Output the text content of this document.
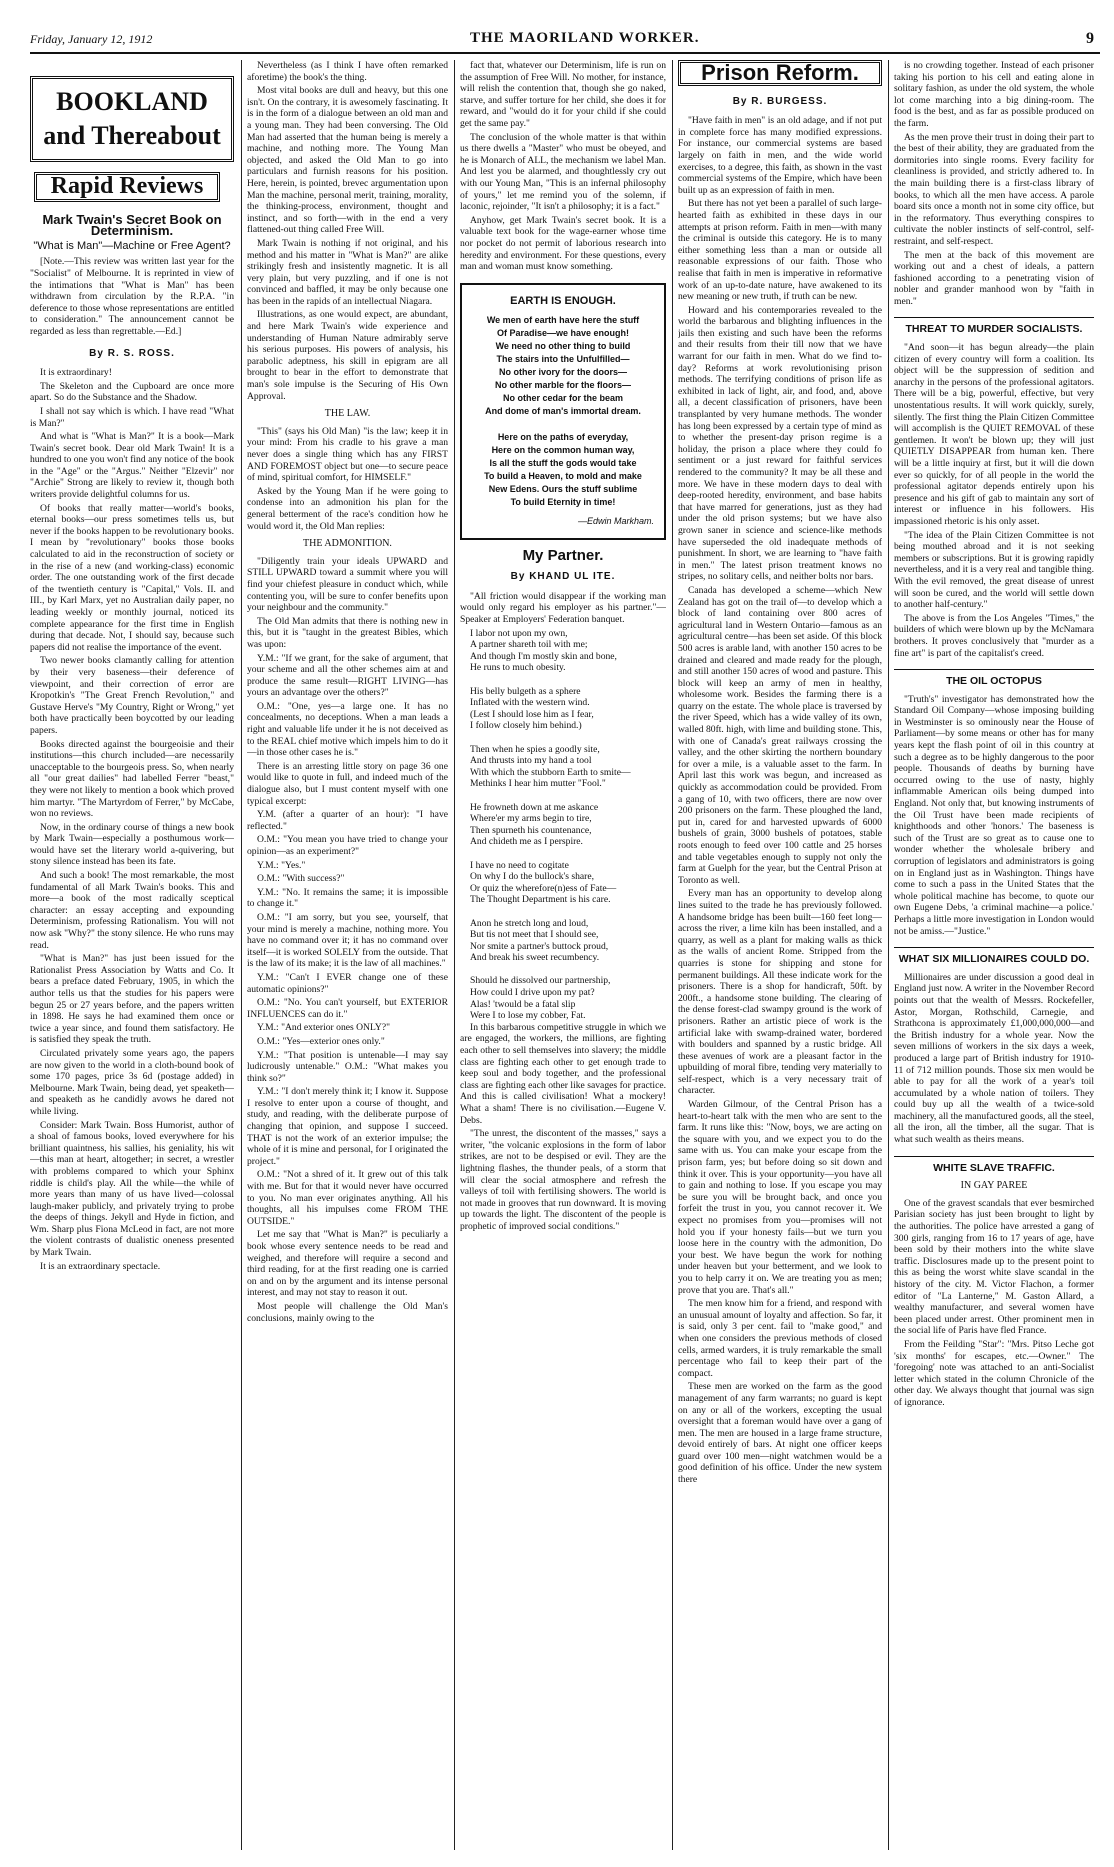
Friday, January 12, 1912	THE MAORILAND WORKER.	9
BOOKLAND and Thereabout
Rapid Reviews
Mark Twain's Secret Book on Determinism.
"What is Man"—Machine or Free Agent?

[Note.—This review was written last year for the "Socialist" of Melbourne. It is reprinted in view of the intimations that "What is Man" has been withdrawn from circulation by the R.P.A. "in deference to those whose representations are entitled to consideration." The announcement cannot be regarded as less than regrettable.—Ed.]

By R. S. ROSS.

It is extraordinary!

The Skeleton and the Cupboard are once more apart. So do the Substance and the Shadow.

I shall not say which is which. I have read "What is Man?"

And what is "What is Man?" It is a book—Mark Twain's secret book. Dear old Mark Twain! It is a hundred to one you won't find any notice of the book in the "Age" or the "Argus." Neither "Elzevir" nor "Archie" Strong are likely to review it, though both writers provide delightful columns for us.

Of books that really matter—world's books, eternal books—our press sometimes tells us, but never if the books happen to be revolutionary books. I mean by "revolutionary" books those books calculated to aid in the reconstruction of society or in the rise of a new (and working-class) economic order. The one outstanding work of the first decade of the twentieth century is "Capital," Vols. II. and III., by Karl Marx, yet no Australian daily paper, no leading weekly or monthly journal, noticed its complete appearance for the first time in English during that decade. Not, I should say, because such papers did not realise the importance of the event.

Two newer books clamantly calling for attention by their very baseness—their deference of viewpoint, and their correction of error are Kropotkin's "The Great French Revolution," and Gustave Herve's "My Country, Right or Wrong," yet both have practically been boycotted by our leading papers.

Books directed against the bourgeoisie and their institutions—this church included—are necessarily unacceptable to the bourgeois press. So, when nearly all "our great dailies" had labelled Ferrer "beast," they were not likely to mention a book which proved him martyr. "The Martyrdom of Ferrer," by McCabe, won no reviews.

Now, in the ordinary course of things a new book by Mark Twain—especially a posthumous work—would have set the literary world a-quivering, but stony silence instead has been its fate.

And such a book! The most remarkable, the most fundamental of all Mark Twain's books. This and more—a book of the most radically sceptical character: an essay accepting and expounding Determinism, professing Rationalism. You will not now ask "Why?" the stony silence. He who runs may read.

"What is Man?" has just been issued for the Rationalist Press Association by Watts and Co. It bears a preface dated February, 1905, in which the author tells us that the studies for his papers were begun 25 or 27 years before, and the papers written in 1898. He says he had examined them once or twice a year since, and found them satisfactory. He is satisfied they speak the truth.

Circulated privately some years ago, the papers are now given to the world in a cloth-bound book of some 170 pages, price 3s 6d (postage added) in Melbourne. Mark Twain, being dead, yet speaketh—and speaketh as he candidly avows he dared not while living.

Consider: Mark Twain. Boss Humorist, author of a shoal of famous books, loved everywhere for his brilliant quaintness, his sallies, his geniality, his wit—this man at heart, altogether; in secret, a wrestler with problems compared to which your Sphinx riddle is child's play. All the while—the while of more years than many of us have lived—colossal laugh-maker publicly, and privately trying to probe the deeps of things. Jekyll and Hyde in fiction, and Wm. Sharp plus Fiona McLeod in fact, are not more the violent contrasts of dualistic oneness presented by Mark Twain.

It is an extraordinary spectacle.

Nevertheless (as I think I have often remarked aforetime) the book's the thing.

Most vital books are dull and heavy, but this one isn't. On the contrary, it is awesomely fascinating. It is in the form of a dialogue between an old man and a young man. They had been conversing. The Old Man had asserted that the human being is merely a machine, and nothing more. The Young Man objected, and asked the Old Man to go into particulars and furnish reasons for his position. Here, herein, is pointed, brevec argumentation upon Man the machine, personal merit, training, morality, the thinking-process, environment, thought and instinct, and so forth—with in the end a very flattened-out thing called Free Will.

Mark Twain is nothing if not original, and his method and his matter in "What is Man?" are alike strikingly fresh and insistently magnetic. It is all very plain, but very puzzling, and if one is not convinced and baffled, it may be only because one has been in the rapids of an intellectual Niagara.

Illustrations, as one would expect, are abundant, and here Mark Twain's wide experience and understanding of Human Nature admirably serve his serious purposes. His powers of analysis, his parabolic adeptness, his skill in epigram are all brought to bear in the effort to demonstrate that man's sole impulse is the Securing of His Own Approval.

THE LAW.

"This" (says his Old Man) "is the law; keep it in your mind: From his cradle to his grave a man never does a single thing which has any FIRST AND FOREMOST object but one—to secure peace of mind, spiritual comfort, for HIMSELF."

Asked by the Young Man if he were going to condense into an admonition his plan for the general betterment of the race's condition how he would word it, the Old Man replies:

THE ADMONITION.

"Diligently train your ideals UPWARD and STILL UPWARD toward a summit where you will find your chiefest pleasure in conduct which, while contenting you, will be sure to confer benefits upon your neighbour and the community."

The Old Man admits that there is nothing new in this, but it is "taught in the greatest Bibles, which was upon:

Y.M.: "If we grant, for the sake of argument, that your scheme and all the other schemes aim at and produce the same result—RIGHT LIVING—has yours an advantage over the others?"

O.M.: "One, yes—a large one. It has no concealments, no deceptions. When a man leads a right and valuable life under it he is not deceived as to the REAL chief motive which impels him to do it—in those other cases he is."

There is an arresting little story on page 36 one would like to quote in full, and indeed much of the dialogue also, but I must content myself with one typical excerpt:

Y.M. (after a quarter of an hour): "I have reflected."

O.M.: "You mean you have tried to change your opinion—as an experiment?"

Y.M.: "Yes."

O.M.: "With success?"

Y.M.: "No. It remains the same; it is impossible to change it."

O.M.: "I am sorry, but you see, yourself, that your mind is merely a machine, nothing more. You have no command over it; it has no command over itself—it is worked SOLELY from the outside. That is the law of its make; it is the law of all machines."

Y.M.: "Can't I EVER change one of these automatic opinions?"

O.M.: "No. You can't yourself, but EXTERIOR INFLUENCES can do it."

Y.M.: "And exterior ones ONLY?"

O.M.: "Yes—exterior ones only."

Y.M.: "That position is untenable—I may say ludicrously untenable." O.M.: "What makes you think so?"

Y.M.: "I don't merely think it; I know it. Suppose I resolve to enter upon a course of thought, and study, and reading, with the deliberate purpose of changing that opinion, and suppose I succeed. THAT is not the work of an exterior impulse; the whole of it is mine and personal, for I originated the project."

O.M.: "Not a shred of it. It grew out of this talk with me. But for that it would never have occurred to you. No man ever originates anything. All his thoughts, all his impulses come FROM THE OUTSIDE."

Let me say that "What is Man?" is peculiarly a book whose every sentence needs to be read and weighed, and therefore will require a second and third reading, for at the first reading one is carried on and on by the argument and its intense personal interest, and may not stay to reason it out.

Most people will challenge the Old Man's conclusions, mainly owing to the

fact that, whatever our Determinism, life is run on the assumption of Free Will. No mother, for instance, will relish the contention that, though she go naked, starve, and suffer torture for her child, she does it for reward, and "would do it for your child if she could get the same pay."

The conclusion of the whole matter is that within us there dwells a "Master" who must be obeyed, and he is Monarch of ALL, the mechanism we label Man. And lest you be alarmed, and thoughtlessly cry out with our Young Man, "This is an infernal philosophy of yours," let me remind you of the solemn, if laconic, rejoinder, "It isn't a philosophy; it is a fact."

Anyhow, get Mark Twain's secret book. It is a valuable text book for the wage-earner whose time nor pocket do not permit of laborious research into heredity and environment. For these questions, every man and woman must know something.

EARTH IS ENOUGH.
We men of earth have here the stuff
Of Paradise—we have enough!
We need no other thing to build
The stairs into the Unfulfilled—
No other ivory for the doors—
No other marble for the floors—
No other cedar for the beam
And dome of man's immortal dream.

Here on the paths of everyday,
Here on the common human way,
Is all the stuff the gods would take
To build a Heaven, to mold and make
New Edens. Ours the stuff sublime
To build Eternity in time!
—Edwin Markham.
My Partner.
By KHAND UL ITE.

"All friction would disappear if the working man would only regard his employer as his partner."—Speaker at Employers' Federation banquet.

I labor not upon my own,
A partner shareth toil with me;
And though I'm mostly skin and bone,
He runs to much obesity.

His belly bulgeth as a sphere
Inflated with the western wind.
(Lest I should lose him as I fear,
I follow closely him behind.)

Then when he spies a goodly site,
And thrusts into my hand a tool
With which the stubborn Earth to smite—
Methinks I hear him mutter "Fool."

He frowneth down at me askance
Where'er my arms begin to tire,
Then spurneth his countenance,
And chideth me as I perspire.

I have no need to cogitate
On why I do the bullock's share,
Or quiz the wherefore(n)ess of Fate—
The Thought Department is his care.

Anon he stretch long and loud,
But tis not meet that I should see,
Nor smite a partner's buttock proud,
And break his sweet recumbency.

Should he dissolved our partnership,
How could I drive upon my pat?
Alas! 'twould be a fatal slip
Were I to lose my cobber, Fat.

In this barbarous competitive struggle in which we are engaged, the workers, the millions, are fighting each other to sell themselves into slavery; the middle class are fighting each other to get enough trade to keep soul and body together, and the professional class are fighting each other like savages for practice. And this is called civilisation! What a mockery! What a sham! There is no civilisation.—Eugene V. Debs.

"The unrest, the discontent of the masses," says a writer, "the volcanic explosions in the form of labor strikes, are not to be despised or evil. They are the lightning flashes, the thunder peals, of a storm that will clear the social atmosphere and refresh the valleys of toil with fertilising showers. The world is not made in grooves that run downward. It is moving up towards the light. The discontent of the people is prophetic of improved social conditions."

Prison Reform.
By R. BURGESS.

"Have faith in men" is an old adage, and if not put in complete force has many modified expressions. For instance, our commercial systems are based largely on faith in men, and the wide world exercises, to a degree, this faith, as shown in the vast commercial systems of the Empire, which have been built up as an expression of faith in men.

But there has not yet been a parallel of such large-hearted faith as exhibited in these days in our attempts at prison reform. Faith in men—with many the criminal is outside this category. He is to many either something less than a man or outside all reasonable expressions of our faith. Those who realise that faith in men is imperative in reformative work of an up-to-date nature, have awakened to its new meaning or new truth, if truth can be new.

Howard and his contemporaries revealed to the world the barbarous and blighting influences in the jails then existing and such have been the reforms and their results from their till now that we have warrant for our faith in men. What do we find to-day? Reforms at work revolutionising prison methods. The terrifying conditions of prison life as exhibited in lack of light, air, and food, and, above all, a decent classification of prisoners, have been transplanted by very humane methods. The wonder has long been expressed by a certain type of mind as to whether the present-day prison regime is a holiday, the prison a place where they could fo sentiment or a just reward for faithful services rendered to the community? It may be all these and more. We have in these modern days to deal with deep-rooted heredity, environment, and base habits that have marred for generations, just as they had under the old prison systems; but we have also grown saner in science and science-like methods have superseded the old inadequate methods of punishment. In short, we are learning to "have faith in men." The latest prison treatment knows no stripes, no solitary cells, and neither bolts nor bars.

Canada has developed a scheme—which New Zealand has got on the trail of—to develop which a block of land containing over 800 acres of agricultural land in Western Ontario—famous as an agricultural centre—has been set aside. Of this block 500 acres is arable land, with another 150 acres to be drained and cleared and made ready for the plough, and still another 150 acres of wood and pasture. This block will keep an army of men in healthy, wholesome work. Besides the farming there is a quarry on the estate. The whole place is traversed by the river Speed, which has a wide valley of its own, walled 80ft. high, with lime and building stone. This, with one of Canada's great railways crossing the valley, and the other skirting the northern boundary for over a mile, is a valuable asset to the farm. In April last this work was begun, and increased as quickly as accommodation could be provided. From a gang of 10, with two officers, there are now over 200 prisoners on the farm. These ploughed the land, put in, cared for and harvested upwards of 6000 bushels of grain, 3000 bushels of potatoes, stable roots enough to feed over 100 cattle and 25 horses and table vegetables enough to supply not only the farm at Guelph for the year, but the Central Prison at Toronto as well.

Every man has an opportunity to develop along lines suited to the trade he has previously followed. A handsome bridge has been built—160 feet long—across the river, a lime kiln has been installed, and a quarry, as well as a plant for making walls as thick as the walls of ancient Rome. Stripped from the quarries is stone for shipping and stone for permanent buildings. All these indicate work for the prisoners. There is a shop for handicraft, 50ft. by 200ft., a handsome stone building. The clearing of the dense forest-clad swampy ground is the work of prisoners. Rather an artistic piece of work is the artificial lake with swamp-drained water, bordered with boulders and spanned by a rustic bridge. All these avenues of work are a pleasant factor in the upbuilding of moral fibre, tending very materially to self-respect, which is a very necessary trait of character.

Warden Gilmour, of the Central Prison has a heart-to-heart talk with the men who are sent to the farm. It runs like this: "Now, boys, we are acting on the square with you, and we expect you to do the same with us. You can make your escape from the prison farm, yes; but before doing so sit down and think it over. This is your opportunity—you have all to gain and nothing to lose. If you escape you may be sure you will be brought back, and once you forfeit the trust in you, you cannot recover it. We expect no promises from you—promises will not hold you if your honesty fails—but we turn you loose here in the country with the admonition, Do your best. We have begun the work for nothing under heaven but your betterment, and we look to you to help carry it on. We are treating you as men; prove that you are. That's all."

The men know him for a friend, and respond with an unusual amount of loyalty and affection. So far, it is said, only 3 per cent. fail to "make good," and when one considers the previous methods of closed cells, armed warders, it is truly remarkable the small percentage who fail to keep their part of the compact.

These men are worked on the farm as the good management of any farm warrants; no guard is kept on any or all of the workers, excepting the usual oversight that a foreman would have over a gang of men. The men are housed in a large frame structure, devoid entirely of bars. At night one officer keeps guard over 100 men—night watchmen would be a good definition of his office. Under the new system there

is no crowding together. Instead of each prisoner taking his portion to his cell and eating alone in solitary fashion, as under the old system, the whole lot come marching into a big dining-room. The food is the best, and as far as possible produced on the farm.

As the men prove their trust in doing their part to the best of their ability, they are graduated from the dormitories into single rooms. Every facility for cleanliness is provided, and strictly adhered to. In the main building there is a first-class library of books, to which all the men have access. A parole board sits once a month not in some city office, but in the reformatory. Thus everything conspires to cultivate the nobler instincts of self-control, self-restraint, and self-respect.

The men at the back of this movement are working out and a chest of ideals, a pattern fashioned according to a penetrating vision of nobler and grander manhood won by "faith in men."

THREAT TO MURDER SOCIALISTS.

"And soon—it has begun already—the plain citizen of every country will form a coalition. Its object will be the suppression of sedition and anarchy in the persons of the professional agitators. There will be a big, powerful, effective, but very unostentatious results. It will work quickly, surely, silently. The first thing the Plain Citizen Committee will accomplish is the QUIET REMOVAL of these gentlemen. It won't be blown up; they will just QUIETLY DISAPPEAR from human ken. There will be a little inquiry at first, but it will die down ever so quickly, for of all people in the world the professional agitator depends entirely upon his presence and his gift of gab to maintain any sort of interest or influence in his followers. His impassioned rhetoric is his only asset.

"The idea of the Plain Citizen Committee is not being mouthed abroad and it is not seeking members or subscriptions. But it is growing rapidly nevertheless, and it is a very real and tangible thing. With the evil removed, the great disease of unrest will soon be cured, and the world will settle down to another half-century."

The above is from the Los Angeles "Times," the builders of which were blown up by the McNamara brothers. It proves conclusively that "murder as a fine art" is part of the capitalist's creed.

THE OIL OCTOPUS

"Truth's" investigator has demonstrated how the Standard Oil Company—whose imposing building in Westminster is so ominously near the House of Parliament—by some means or other has for many years kept the flash point of oil in this country at such a degree as to be highly dangerous to the poor people. Thousands of deaths by burning have occurred owing to the use of nasty, highly inflammable American oils being dumped into England. Not only that, but knowing instruments of the Oil Trust have been made recipients of knighthoods and other 'honors.' The baseness is such of the Trust are so great as to cause one to wonder whether the wholesale bribery and corruption of legislators and administrators is going on in England just as in Washington. Things have come to such a pass in the United States that the whole political machine has become, to quote our own Eugene Debs, 'a criminal machine—a police.' Perhaps a little more investigation in London would not be amiss.—"Justice."

WHAT SIX MILLIONAIRES COULD DO.

Millionaires are under discussion a good deal in England just now. A writer in the November Record points out that the wealth of Messrs. Rockefeller, Astor, Morgan, Rothschild, Carnegie, and Strathcona is approximately £1,000,000,000—and the British industry for a whole year. Now the seven millions of workers in the six days a week, produced a large part of British industry for 1910-11 of 712 million pounds. Those six men would be able to pay for all the work of a year's toil accumulated by a whole nation of toilers. They could buy up all the wealth of a twice-sold machinery, all the manufactured goods, all the steel, all the iron, all the timber, all the sugar. That is what such wealth as theirs means.

WHITE SLAVE TRAFFIC.
IN GAY PAREE

One of the gravest scandals that ever besmirched Parisian society has just been brought to light by the authorities. The police have arrested a gang of 300 girls, ranging from 16 to 17 years of age, have been sold by their mothers into the white slave traffic. Disclosures made up to the present point to this as being the worst white slave scandal in the history of the city. M. Victor Flachon, a former editor of "La Lanterne," M. Gaston Allard, a wealthy manufacturer, and several women have been placed under arrest. Other prominent men in the social life of Paris have fled France.

From the Feilding "Star": "Mrs. Pitso Leche got 'six months' for escapes, etc.—Owner." The 'foregoing' note was attached to an anti-Socialist letter which stated in the column Chronicle of the other day. We always thought that journal was sign of ignorance.
